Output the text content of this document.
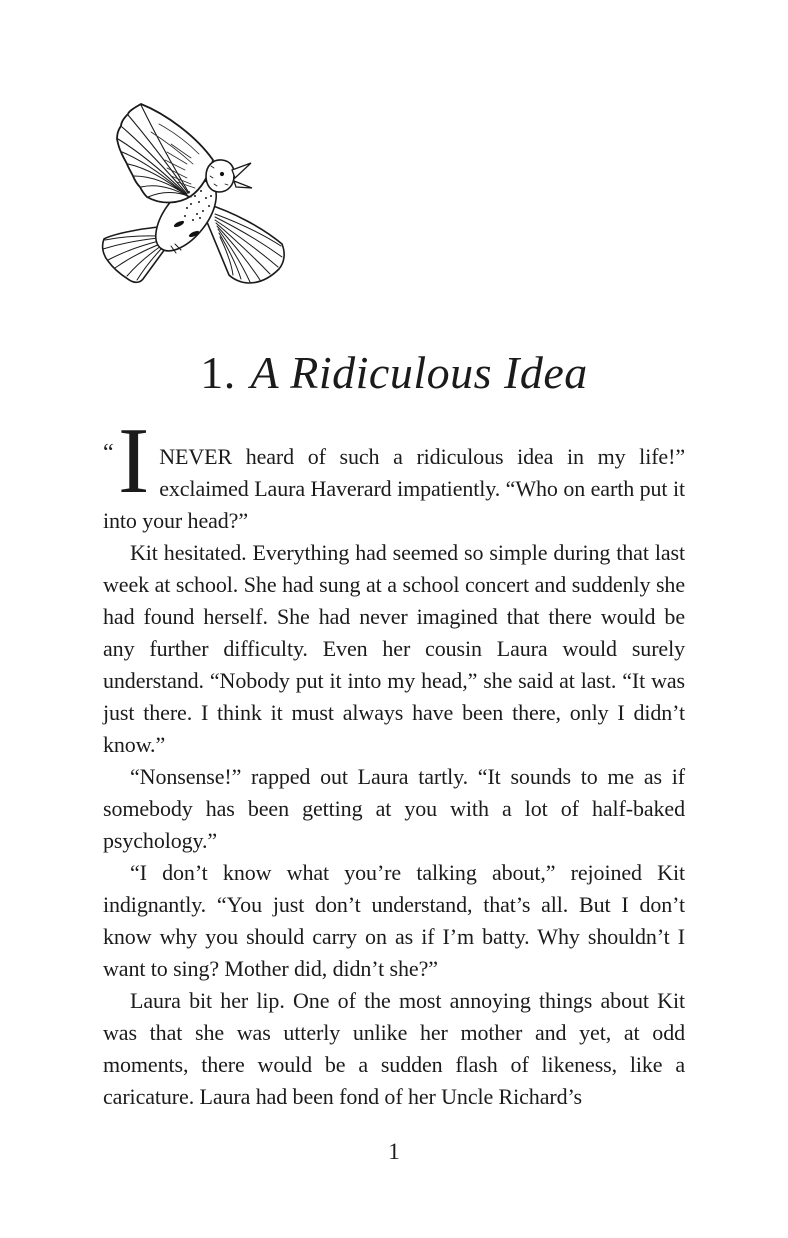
1. A Ridiculous Idea

“ I NEVER heard of such a ridiculous idea in my life!” exclaimed Laura Haverard impatiently. “Who on earth put it into your head?”

Kit hesitated. Everything had seemed so simple during that last week at school. She had sung at a school concert and suddenly she had found herself. She had never imagined that there would be any further difficulty. Even her cousin Laura would surely understand. “Nobody put it into my head,” she said at last. “It was just there. I think it must always have been there, only I didn’t know.”

“Nonsense!” rapped out Laura tartly. “It sounds to me as if somebody has been getting at you with a lot of half-baked psychology.”

“I don’t know what you’re talking about,” rejoined Kit indignantly. “You just don’t understand, that’s all. But I don’t know why you should carry on as if I’m batty. Why shouldn’t I want to sing? Mother did, didn’t she?”

Laura bit her lip. One of the most annoying things about Kit was that she was utterly unlike her mother and yet, at odd moments, there would be a sudden flash of likeness, like a caricature. Laura had been fond of her Uncle Richard’s

1
